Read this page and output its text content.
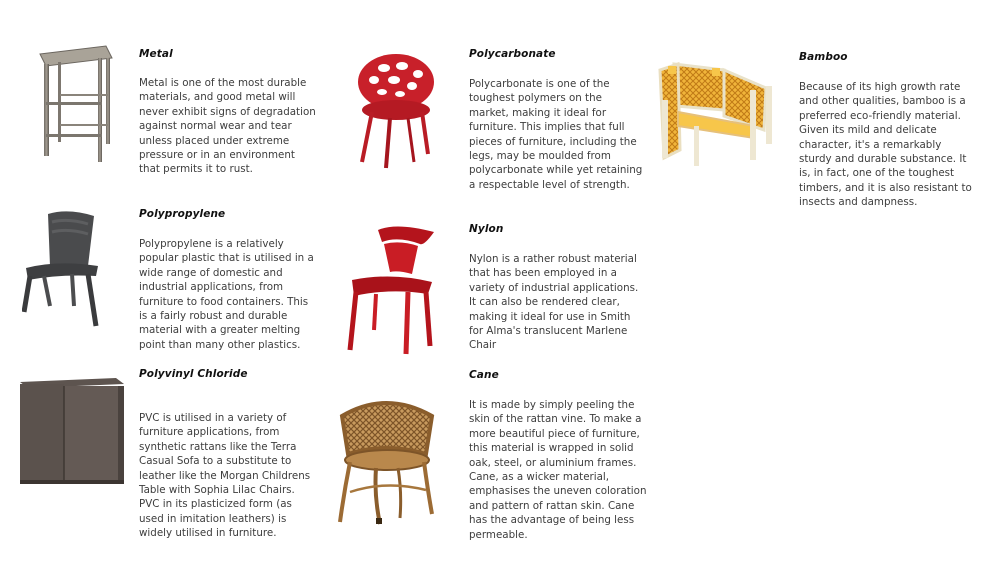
Metal

Metal is one of the most durable materials, and good metal will never exhibit signs of degradation against normal wear and tear unless placed under extreme pressure or in an environment that permits it to rust.

Polypropylene

Polypropylene is a relatively popular plastic that is utilised in a wide range of domestic and industrial applications, from furniture to food containers. This is a fairly robust and durable material with a greater melting point than many other plastics.

Polyvinyl Chloride

PVC is utilised in a variety of furniture applications, from synthetic rattans like the Terra Casual Sofa to a substitute to leather like the Morgan Childrens Table with Sophia Lilac Chairs. PVC in its plasticized form (as used in imitation leathers) is widely utilised in furniture.

Polycarbonate

Polycarbonate is one of the toughest polymers on the market, making it ideal for furniture. This implies that full pieces of furniture, including the legs, may be moulded from polycarbonate while yet retaining a respectable level of strength.

Nylon

Nylon is a rather robust material that has been employed in a variety of industrial applications. It can also be rendered clear, making it ideal for use in Smith for Alma's translucent Marlene Chair

Cane

It is made by simply peeling the skin of the rattan vine. To make a more beautiful piece of furniture, this material is wrapped in solid oak, steel, or aluminium frames. Cane, as a wicker material, emphasises the uneven coloration and pattern of rattan skin. Cane has the advantage of being less permeable.

Bamboo

Because of its high growth rate and other qualities, bamboo is a preferred eco-friendly material. Given its mild and delicate character, it's a remarkably sturdy and durable substance. It is, in fact, one of the toughest timbers, and it is also resistant to insects and dampness.
